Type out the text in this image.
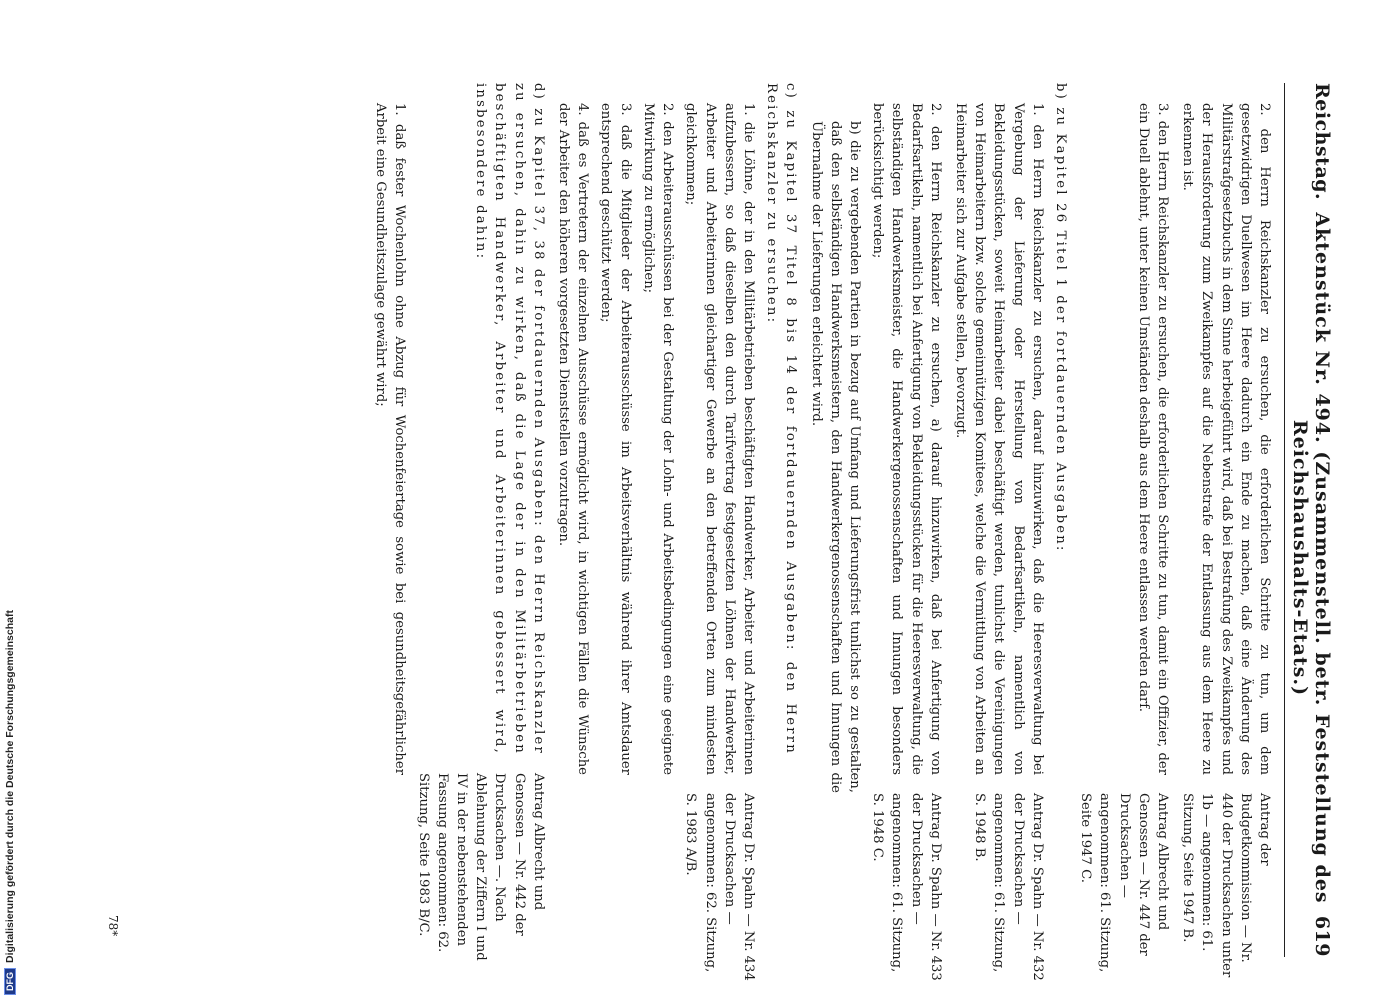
DFGDigitalisierung gefördert durch die Deutsche Forschungsgemeinschaft
Reichstag.
Aktenstück Nr. 494. (Zusammenstell. betr. Feststellung des Reichshaushalts-Etats.)
619

2. den Herrn Reichskanzler zu ersuchen, die erforderlichen Schritte zu tun, um dem gesetzwidrigen Duellwesen im Heere dadurch ein Ende zu machen, daß eine Änderung des Militärstrafgesetzbuchs in dem Sinne herbeigeführt wird, daß bei Bestrafung des Zweikampfes und der Herausforderung zum Zweikampfes auf die Nebenstrafe der Entlassung aus dem Heere zu erkennen ist.

Antrag der Budgetkommission — Nr. 440 der Drucksachen unter 1b — angenommen: 61. Sitzung, Seite 1947 B.

3. den Herrn Reichskanzler zu ersuchen, die erforderlichen Schritte zu tun, damit ein Offizier, der ein Duell ablehnt, unter keinen Umständen deshalb aus dem Heere entlassen werden darf.

Antrag Albrecht und Genossen — Nr. 447 der Drucksachen — angenommen: 61. Sitzung, Seite 1947 C.

b) zu Kapitel 26 Titel 1 der fortdauernden Ausgaben:

1. den Herrn Reichskanzler zu ersuchen, darauf hinzuwirken, daß die Heeresverwaltung bei Vergebung der Lieferung oder Herstellung von Bedarfsartikeln, namentlich von Bekleidungsstücken, soweit Heimarbeiter dabei beschäftigt werden, tunlichst die Vereinigungen von Heimarbeitern bzw. solche gemeinnützigen Komitees, welche die Vermittlung von Arbeiten an Heimarbeiter sich zur Aufgabe stellen, bevorzugt.

Antrag Dr. Spahn — Nr. 432 der Drucksachen — angenommen: 61. Sitzung, S. 1948 B.

2. den Herrn Reichskanzler zu ersuchen, a) darauf hinzuwirken, daß bei Anfertigung von Bedarfsartikeln, namentlich bei Anfertigung von Bekleidungsstücken für die Heeresverwaltung, die selbständigen Handwerksmeister, die Handwerkergenossenschaften und Innungen besonders berücksichtigt werden;

Antrag Dr. Spahn — Nr. 433 der Drucksachen — angenommen: 61. Sitzung, S. 1948 C.

b) die zu vergebenden Partien in bezug auf Umfang und Lieferungsfrist tunlichst so zu gestalten, daß den selbständigen Handwerksmeistern, den Handwerkergenossenschaften und Innungen die Übernahme der Lieferungen erleichtert wird.

c) zu Kapitel 37 Titel 8 bis 14 der fortdauernden Ausgaben: den Herrn Reichskanzler zu ersuchen:

1. die Löhne, der in den Militärbetrieben beschäftigten Handwerker, Arbeiter und Arbeiterinnen aufzubessern, so daß dieselben den durch Tarifvertrag festgesetzten Löhnen der Handwerker, Arbeiter und Arbeiterinnen gleichartiger Gewerbe an den betreffenden Orten zum mindesten gleichkommen;

Antrag Dr. Spahn — Nr. 434 der Drucksachen — angenommen: 62. Sitzung, S. 1983 A/B.

2. den Arbeiterausschüssen bei der Gestaltung der Lohn- und Arbeitsbedingungen eine geeignete Mitwirkung zu ermöglichen;

3. daß die Mitglieder der Arbeiterausschüsse im Arbeitsverhältnis während ihrer Amtsdauer entsprechend geschützt werden;

4. daß es Vertretern der einzelnen Ausschüsse ermöglicht wird, in wichtigen Fällen die Wünsche der Arbeiter den höheren vorgesetzten Dienststellen vorzutragen.

d) zu Kapitel 37, 38 der fortdauernden Ausgaben: den Herrn Reichskanzler zu ersuchen, dahin zu wirken, daß die Lage der in den Militärbetrieben beschäftigten Handwerker, Arbeiter und Arbeiterinnen gebessert wird, insbesondere dahin:

Antrag Albrecht und Genossen — Nr. 442 der Drucksachen —. Nach Ablehnung der Ziffern I und IV in der nebenstehenden Fassung angenommen: 62. Sitzung, Seite 1983 B/C.

1. daß fester Wochenlohn ohne Abzug für Wochenfeiertage sowie bei gesundheitsgefährlicher Arbeit eine Gesundheitszulage gewährt wird;

78*
